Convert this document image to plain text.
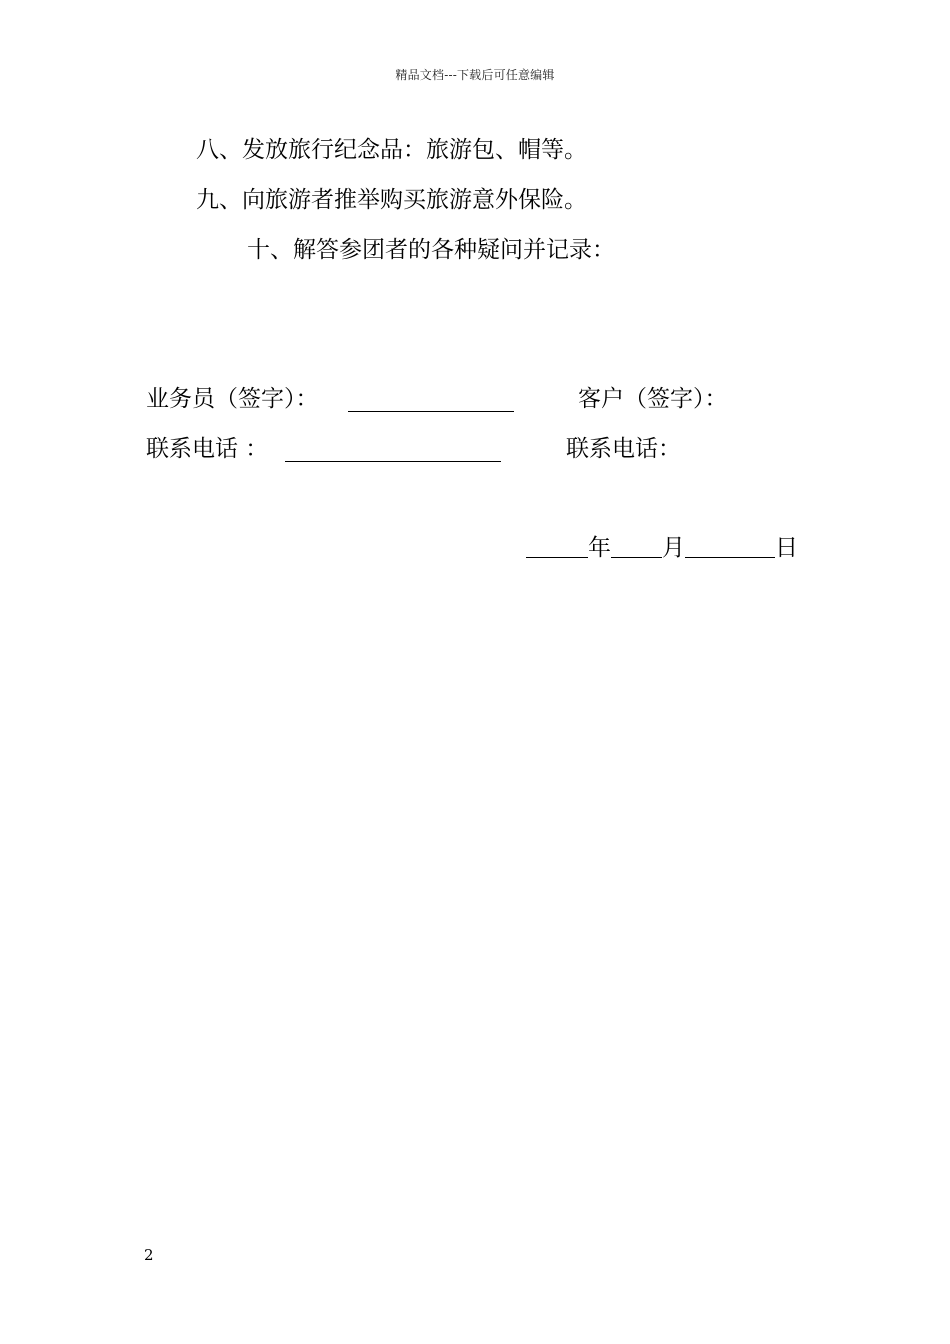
精品文档---下载后可任意编辑
八、发放旅行纪念品：旅游包、帽等。
九、向旅游者推举购买旅游意外保险。
十、解答参团者的各种疑问并记录：
业务员（签字）：	客户（签字）：
联系电话 ：	联系电话：
年 月	日
2
